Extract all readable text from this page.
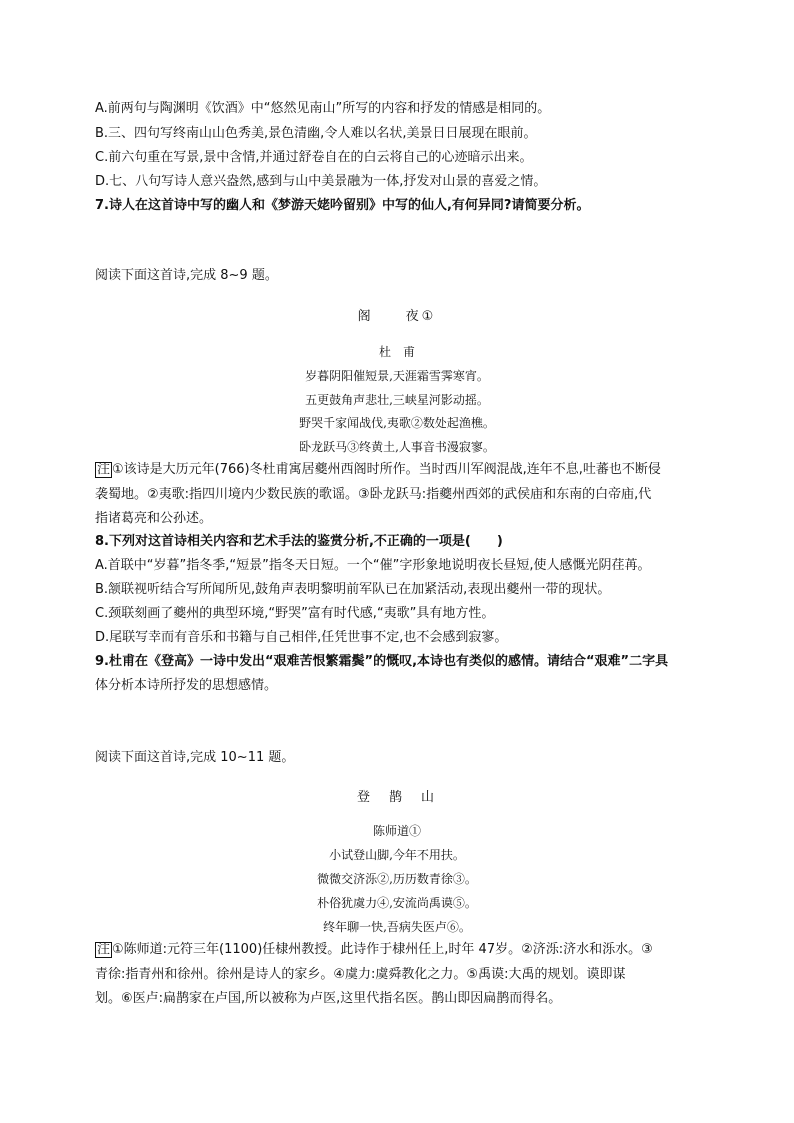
A.前两句与陶渊明《饮酒》中“悠然见南山”所写的内容和抒发的情感是相同的。
B.三、四句写终南山山色秀美,景色清幽,令人难以名状,美景日日展现在眼前。
C.前六句重在写景,景中含情,并通过舒卷自在的白云将自己的心迹暗示出来。
D.七、八句写诗人意兴盎然,感到与山中美景融为一体,抒发对山景的喜爱之情。
7.诗人在这首诗中写的幽人和《梦游天姥吟留别》中写的仙人,有何异同?请简要分析。
阅读下面这首诗,完成 8~9 题。
阁　　夜①
杜　甫
岁暮阴阳催短景,天涯霜雪霁寒宵。
五更鼓角声悲壮,三峡星河影动摇。
野哭千家闻战伐,夷歌②数处起渔樵。
卧龙跃马③终黄土,人事音书漫寂寥。
注 ①该诗是大历元年(766)冬杜甫寓居夔州西阁时所作。当时西川军阀混战,连年不息,吐蕃也不断侵
袭蜀地。②夷歌:指四川境内少数民族的歌谣。③卧龙跃马:指夔州西郊的武侯庙和东南的白帝庙,代
指诸葛亮和公孙述。
8.下列对这首诗相关内容和艺术手法的鉴赏分析,不正确的一项是(　　)
A.首联中“岁暮”指冬季,“短景”指冬天日短。一个“催”字形象地说明夜长昼短,使人感慨光阴荏苒。
B.颔联视听结合写所闻所见,鼓角声表明黎明前军队已在加紧活动,表现出夔州一带的现状。
C.颈联刻画了夔州的典型环境,“野哭”富有时代感,“夷歌”具有地方性。
D.尾联写幸而有音乐和书籍与自己相伴,任凭世事不定,也不会感到寂寥。
9.杜甫在《登高》一诗中发出“艰难苦恨繁霜鬓”的慨叹,本诗也有类似的感情。请结合“艰难”二字具
体分析本诗所抒发的思想感情。
阅读下面这首诗,完成 10~11 题。
登　鹊　山
陈师道①
小试登山脚,今年不用扶。
微微交济泺②,历历数青徐③。
朴俗犹虞力④,安流尚禹谟⑤。
终年聊一快,吾病失医卢⑥。
注 ①陈师道:元符三年(1100)任棣州教授。此诗作于棣州任上,时年 47岁。②济泺:济水和泺水。③
青徐:指青州和徐州。徐州是诗人的家乡。④虞力:虞舜教化之力。⑤禹谟:大禹的规划。谟即谋
划。⑥医卢:扁鹊家在卢国,所以被称为卢医,这里代指名医。鹊山即因扁鹊而得名。
